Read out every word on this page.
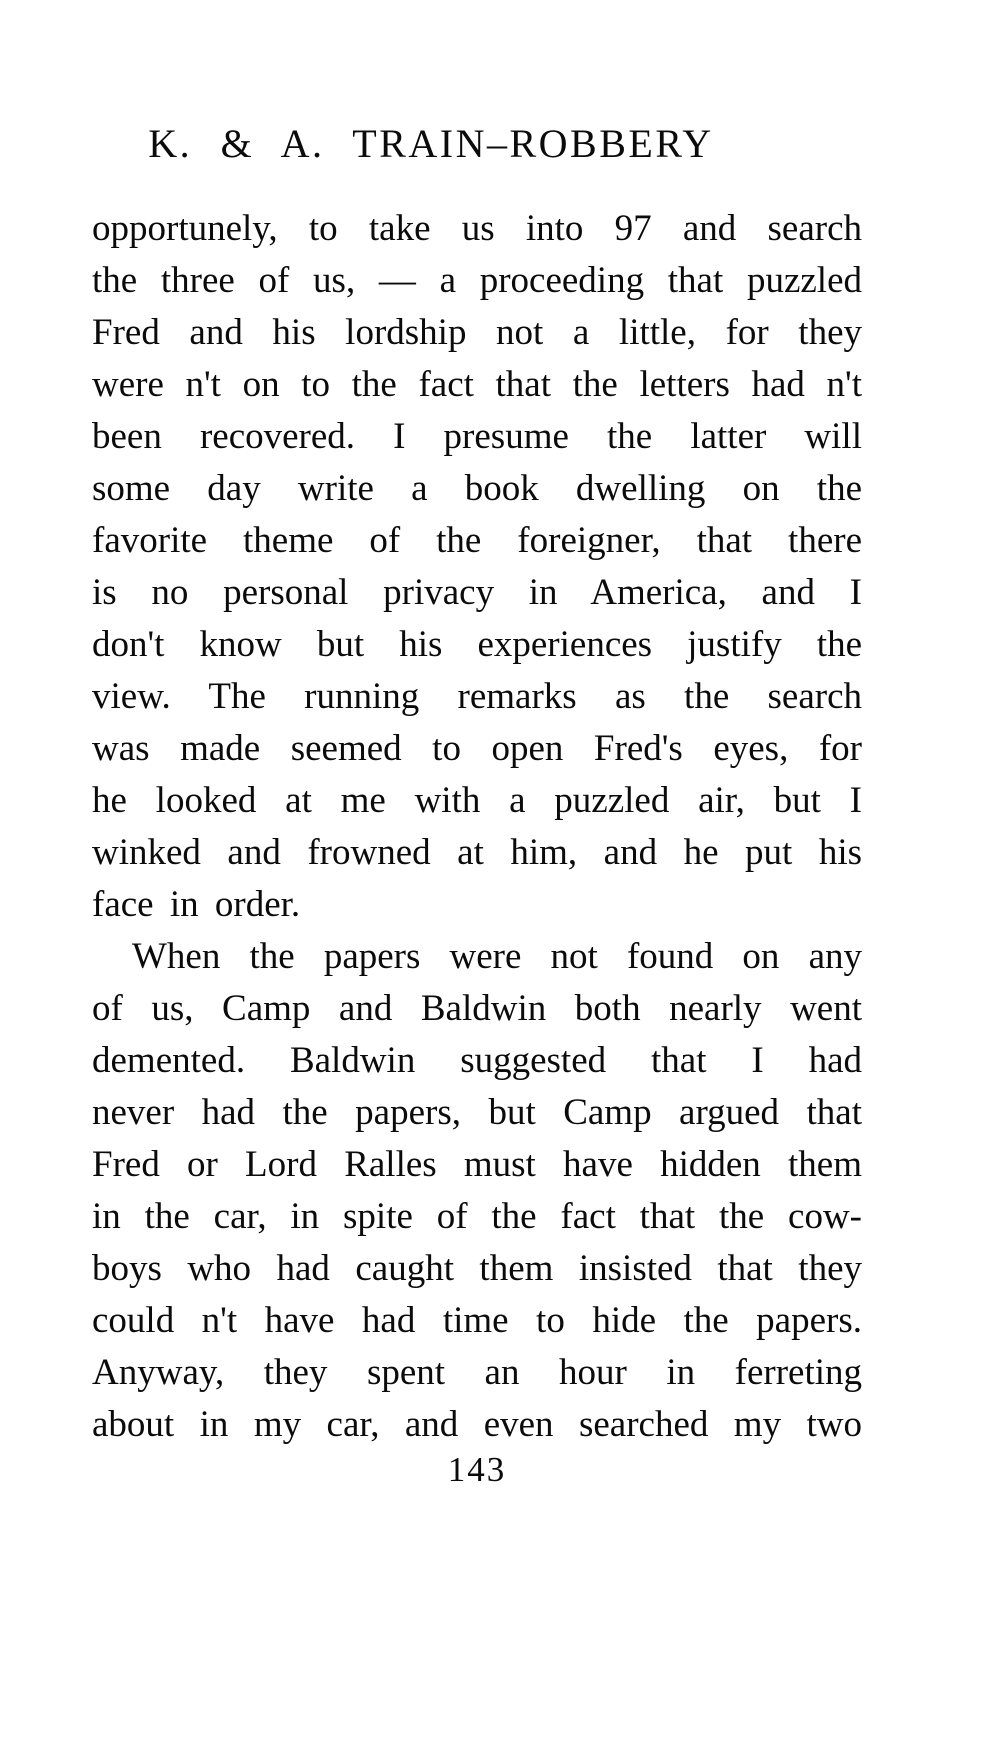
K. & A. TRAIN–ROBBERY
opportunely, to take us into 97 and search
the three of us, — a proceeding that puzzled
Fred and his lordship not a little, for they
were n't on to the fact that the letters had n't
been recovered. I presume the latter will
some day write a book dwelling on the
favorite theme of the foreigner, that there
is no personal privacy in America, and I
don't know but his experiences justify the
view. The running remarks as the search
was made seemed to open Fred's eyes, for
he looked at me with a puzzled air, but I
winked and frowned at him, and he put his
face in order.
When the papers were not found on any
of us, Camp and Baldwin both nearly went
demented. Baldwin suggested that I had
never had the papers, but Camp argued that
Fred or Lord Ralles must have hidden them
in the car, in spite of the fact that the cow-
boys who had caught them insisted that they
could n't have had time to hide the papers.
Anyway, they spent an hour in ferreting
about in my car, and even searched my two
143
